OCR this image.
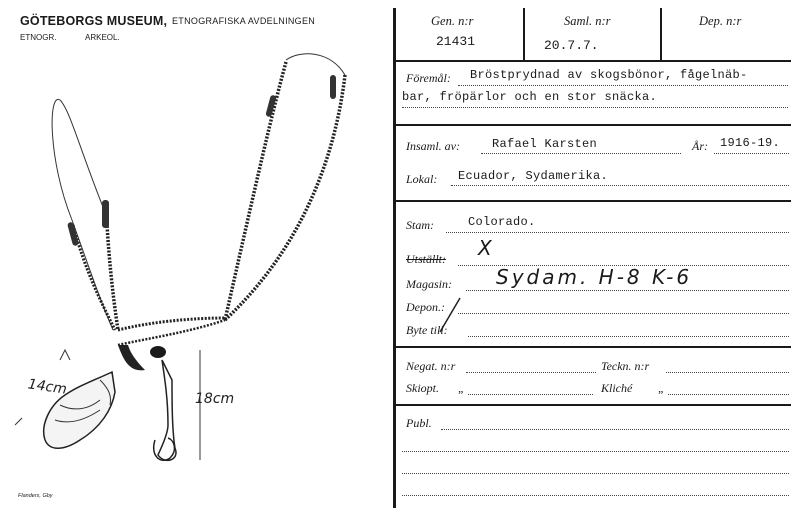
GÖTEBORGS MUSEUM, ETNOGRAFISKA AVDELNINGEN
ETNOGR.	ARKEOL.
14cm
18cm
Flanders, Gby
Gen. n:r
21431
Saml. n:r
20.7.7.
Dep. n:r
Föremål: Bröstprydnad av skogsbönor, fågelnäb-
bar, fröpärlor och en stor snäcka.
Insaml. av:	Rafael Karsten	År: 1916-19.
Lokal: Ecuador, Sydamerika.
Stam:	Colorado.
Utställt: X
Magasin: Sydam. H-8 K-6
Depon.:
Byte till:
Negat. n:r	Teckn. n:r
Skiopt. „	Kliché „
Publ.
